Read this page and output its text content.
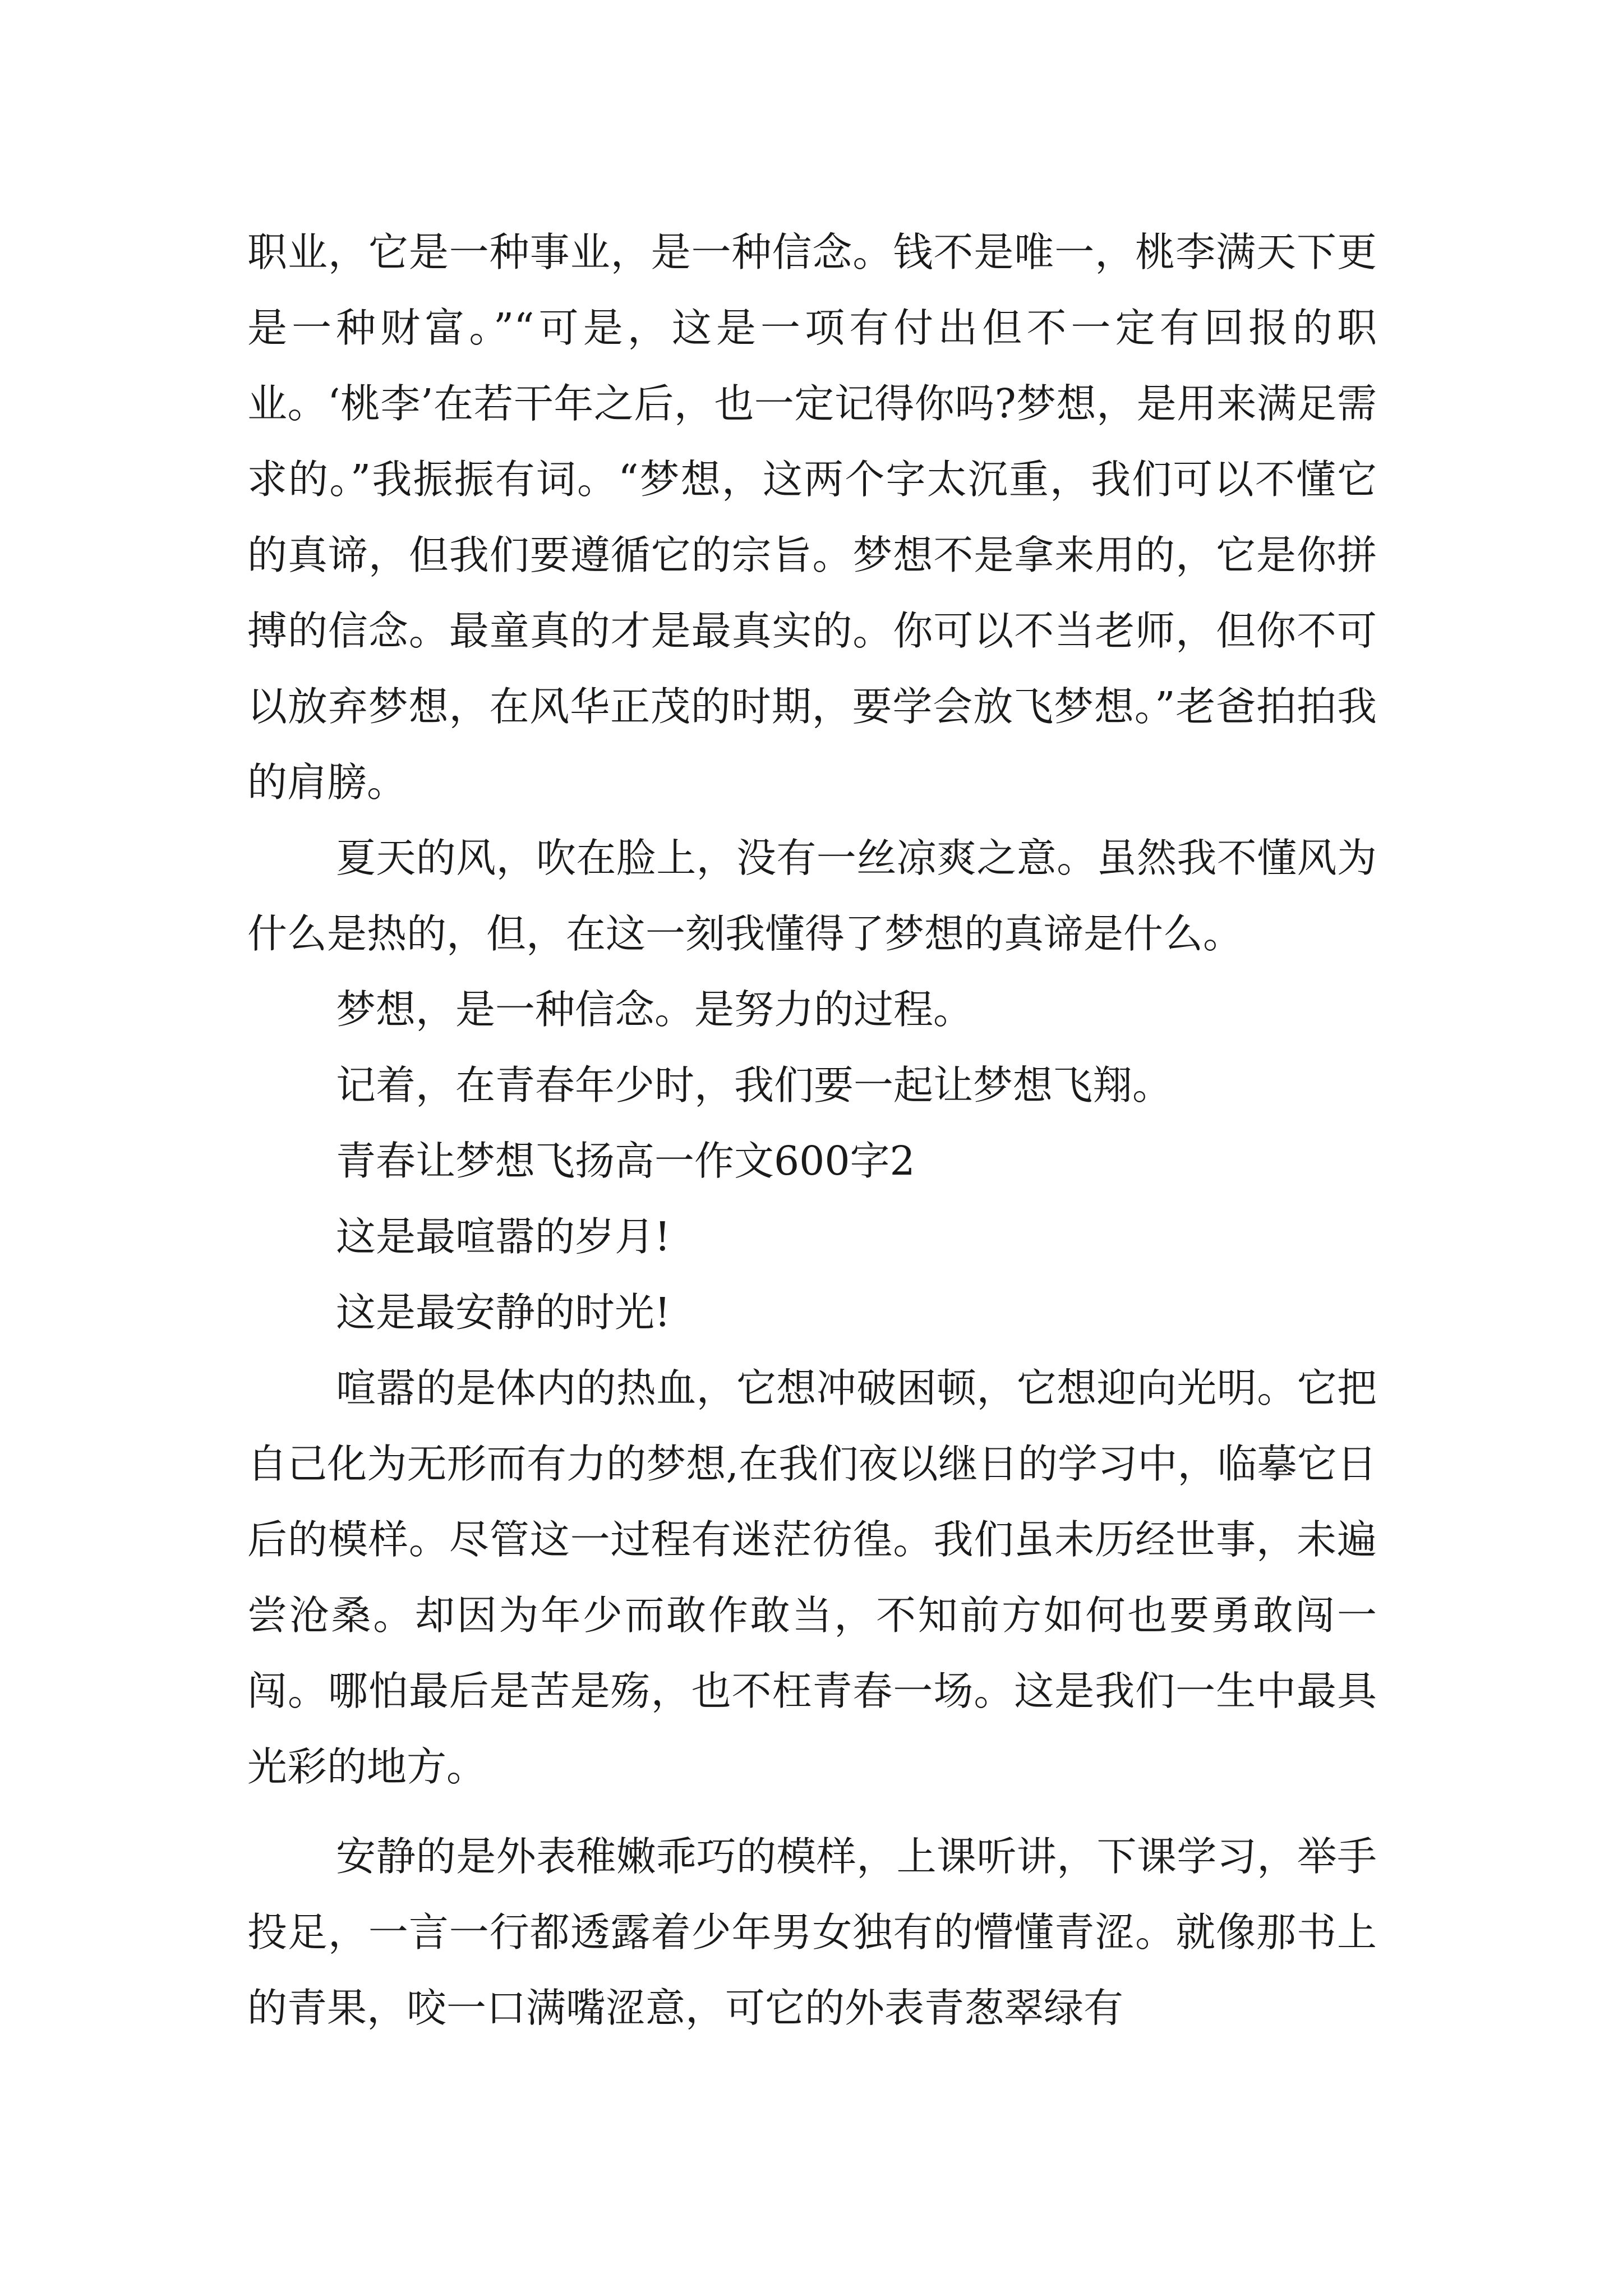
职业，它是一种事业，是一种信念。钱不是唯一，桃李满天下更是一种财富。”“可是，这是一项有付出但不一定有回报的职业。‘桃李’在若干年之后，也一定记得你吗?梦想，是用来满足需求的。”我振振有词。“梦想，这两个字太沉重，我们可以不懂它的真谛，但我们要遵循它的宗旨。梦想不是拿来用的，它是你拼搏的信念。最童真的才是最真实的。你可以不当老师，但你不可以放弃梦想，在风华正茂的时期，要学会放飞梦想。”老爸拍拍我的肩膀。

夏天的风，吹在脸上，没有一丝凉爽之意。虽然我不懂风为什么是热的，但，在这一刻我懂得了梦想的真谛是什么。

梦想，是一种信念。是努力的过程。

记着，在青春年少时，我们要一起让梦想飞翔。

青春让梦想飞扬高一作文600字2

这是最喧嚣的岁月!

这是最安静的时光!

喧嚣的是体内的热血，它想冲破困顿，它想迎向光明。它把自己化为无形而有力的梦想,在我们夜以继日的学习中，临摹它日后的模样。尽管这一过程有迷茫彷徨。我们虽未历经世事，未遍尝沧桑。却因为年少而敢作敢当，不知前方如何也要勇敢闯一闯。哪怕最后是苦是殇，也不枉青春一场。这是我们一生中最具光彩的地方。

安静的是外表稚嫩乖巧的模样，上课听讲，下课学习，举手投足，一言一行都透露着少年男女独有的懵懂青涩。就像那书上的青果，咬一口满嘴涩意，可它的外表青葱翠绿有
